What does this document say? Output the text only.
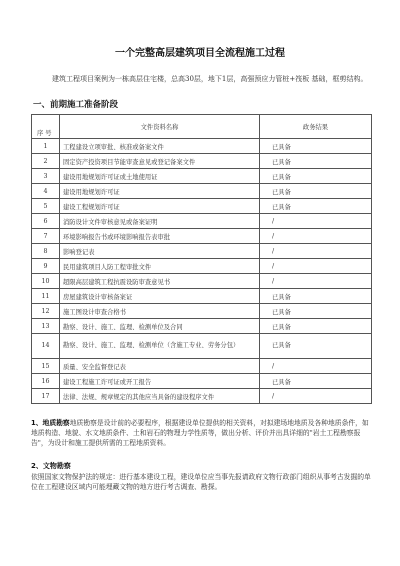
一个完整高层建筑项目全流程施工过程
建筑工程项目案例为一栋高层住宅楼，总高30层，地下1层，高强预应力管桩+筏板 基础，框剪结构。
一、前期施工准备阶段
序 号	文件资料名称	政务结果
1	工程建设立项审批、核准或备案文件	已具备
2	固定资产投资项目节能审查意见或登记备案文件	已具备
3	建设用地规划许可证或土地使用证	已具备
4	建设用地规划许可证	已具备
5	建设工程规划许可证	已具备
6	消防设计文件审核意见或备案证明	/
7	环境影响报告书或环境影响报告表审批	/
8	影响登记表	/
9	民用建筑项目人防工程审批文件	/
10	超限高层建筑工程抗震设防审查意见书	/
11	房屋建筑设计审核备案证	已具备
12	施工图设计审查合格书	已具备
13	勘察、设计、施工、监理、检测单位及合同	已具备
14	勘察、设计、施工、监理、检测单位（含施工专业、劳务分包）	已具备
15	质量、安全监督登记表	/
16	建设工程施工许可证或开工报告	已具备
17	法律、法规、规章规定的其他应当具备的建设程序文件	/
1、地质勘察地质勘察是设计前的必要程序，根据建设单位提供的相关资料，对拟建场地地质及各种地质条件，如地质构造、地貌、水文地质条件、土和岩石的物理力学性质等，做出分析、评价并出具详细的"岩土工程勘察报告"，为设计和施工提供所需的工程地质资料。
2、文物勘察
依照国家文物保护法的规定：进行基本建设工程，建设单位应当事先报请政府文物行政部门组织从事考古发掘的单位在工程建设区域内可能埋藏文物的地方进行考古调查、勘探。
